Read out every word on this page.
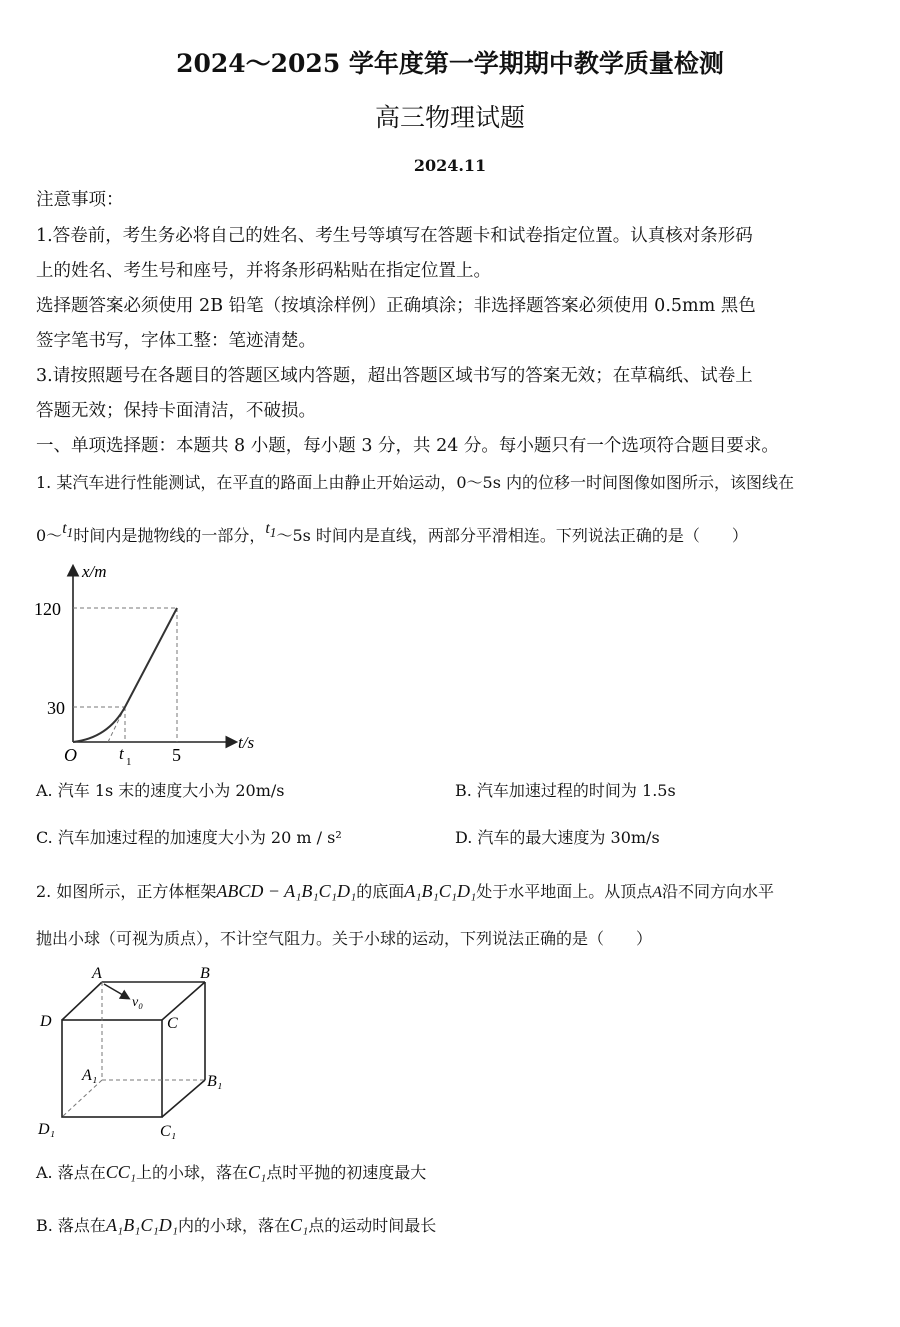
2024～2025 学年度第一学期期中教学质量检测
高三物理试题
2024.11
注意事项：
1.答卷前，考生务必将自己的姓名、考生号等填写在答题卡和试卷指定位置。认真核对条形码
上的姓名、考生号和座号，并将条形码粘贴在指定位置上。
选择题答案必须使用 2B 铅笔（按填涂样例）正确填涂；非选择题答案必须使用 0.5mm 黑色
签字笔书写，字体工整：笔迹清楚。
3.请按照题号在各题目的答题区域内答题，超出答题区域书写的答案无效；在草稿纸、试卷上
答题无效；保持卡面清洁，不破损。
一、单项选择题：本题共 8 小题，每小题 3 分，共 24 分。每小题只有一个选项符合题目要求。
1. 某汽车进行性能测试，在平直的路面上由静止开始运动，0～5s 内的位移一时间图像如图所示，该图线在
$0\sim t_1$时间内是抛物线的一部分，$t_1\sim 5s$ 时间内是直线，两部分平滑相连。下列说法正确的是（　　）
x/m
120
30
t/s
O t 1 5
A. 汽车 1s 末的速度大小为 20m/s	B. 汽车加速过程的时间为 1.5s
C. 汽车加速过程的加速度大小为 20 m / s²	D. 汽车的最大速度为 30m/s
2. 如图所示，正方体框架ABCD − A₁B₁C₁D₁的底面A₁B₁C₁D₁处于水平地面上。从顶点A沿不同方向水平
抛出小球（可视为质点），不计空气阻力。关于小球的运动，下列说法正确的是（　　）
A	B
D	C
A₁	B₁
D₁	C₁
v₀
A. 落点在CC₁上的小球，落在C₁点时平抛的初速度最大
B. 落点在A₁B₁C₁D₁内的小球，落在C₁点的运动时间最长
